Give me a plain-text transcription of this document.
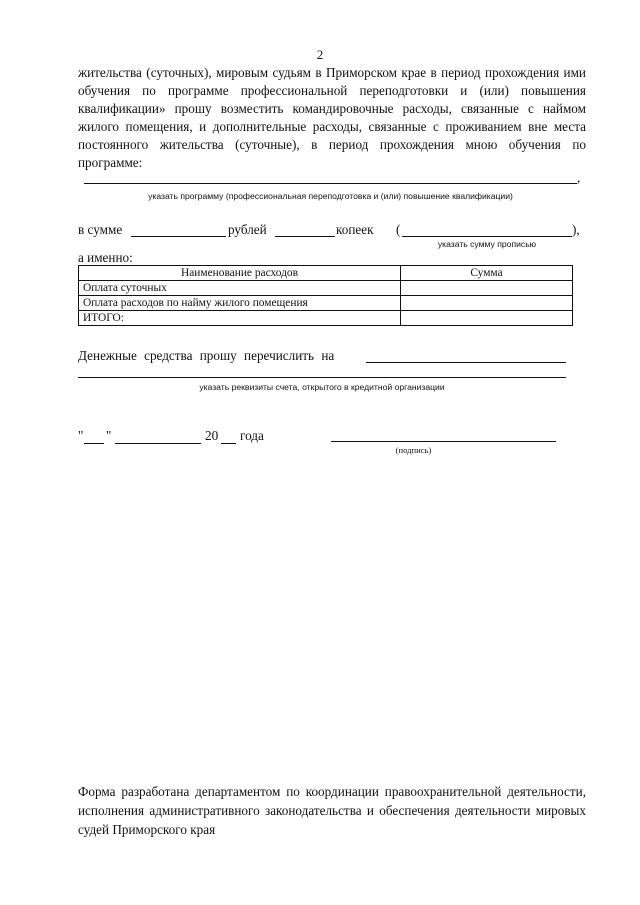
2

жительства (суточных), мировым судьям в Приморском крае в период прохождения ими обучения по программе профессиональной переподготовки и (или) повышения квалификации» прошу возместить командировочные расходы, связанные с наймом жилого помещения, и дополнительные расходы, связанные с проживанием вне места постоянного жительства (суточные), в период прохождения мною обучения по программе:

,
указать программу (профессиональная переподготовка и (или) повышение квалификации)
в сумме	рублей	копеек (	),
указать сумму прописью
а именно:
Наименование расходов	Сумма
Оплата суточных	
Оплата расходов по найму жилого помещения	
ИТОГО:	
Денежные средства прошу перечислить на
указать реквизиты счета, открытого в кредитной организации
" "	20 года
(подпись)

Форма разработана департаментом по координации правоохранительной деятельности, исполнения административного законодательства и обеспечения деятельности мировых судей Приморского края
